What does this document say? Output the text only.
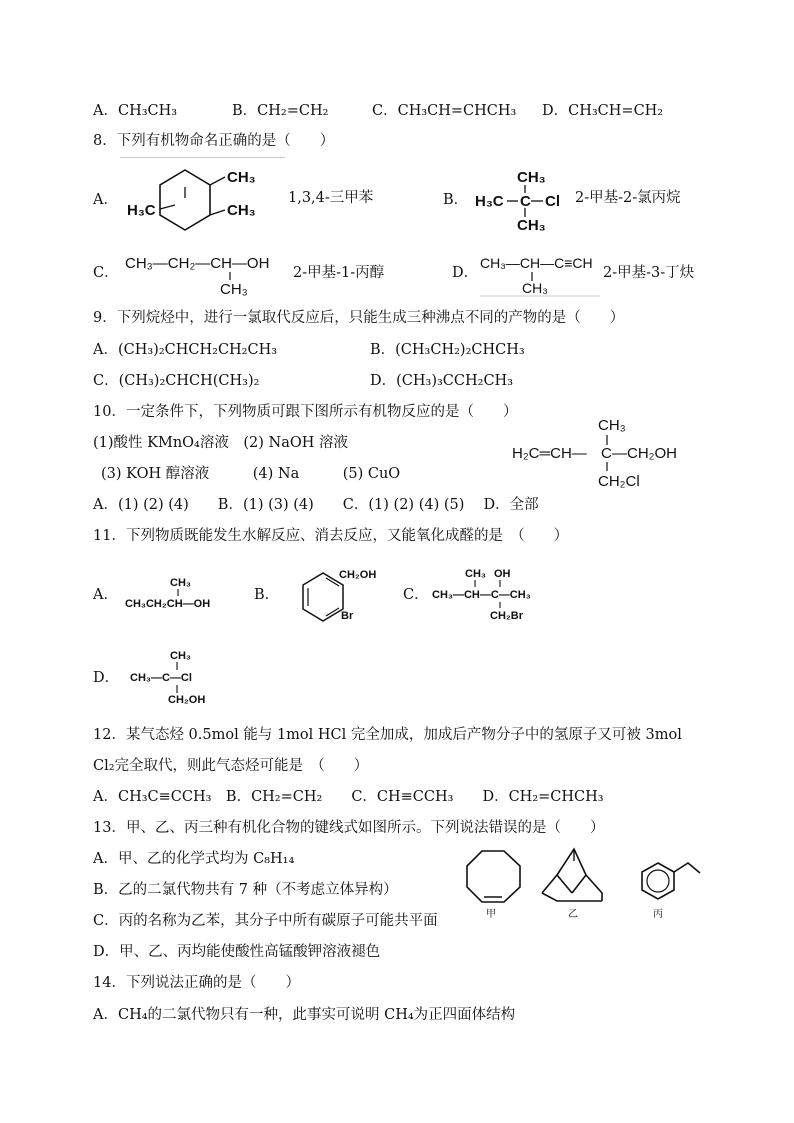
A．CH₃CH₃	B．CH₂=CH₂	C．CH₃CH=CHCH₃ D．CH₃CH=CH₂
8．下列有机物命名正确的是（　　）
A．
CH₃
H₃C	CH₃
1,3,4-三甲苯	B．
CH₃
H₃C C Cl
CH₃
2-甲基-2-氯丙烷
C．
CH₃—CH₂—CH—OH
CH₃
2-甲基-1-丙醇	D．
CH₃—CH—C≡CH
CH₃
2-甲基-3-丁炔
9．下列烷烃中，进行一氯取代反应后，只能生成三种沸点不同的产物的是（　　）
A．(CH₃)₂CHCH₂CH₂CH₃	B．(CH₃CH₂)₂CHCH₃
C．(CH₃)₂CHCH(CH₃)₂	D．(CH₃)₃CCH₂CH₃
10．一定条件下，下列物质可跟下图所示有机物反应的是（　　）
(1)酸性 KMnO₄溶液　(2) NaOH 溶液
(3) KOH 醇溶液　　　(4) Na　　　(5) CuO
A．(1) (2) (4)　　B．(1) (3) (4)　　C．(1) (2) (4) (5)　 D．全部
CH₃
H₂C═CH— C —CH₂OH
CH₂Cl
11．下列物质既能发生水解反应、消去反应，又能氧化成醛的是　（　　）
A．
CH₃
CH₃CH₂CH—OH
B．
CH₂OH
Br
C．
CH₃ OH
CH₃—CH—C—CH₃
CH₂Br
D．
CH₃
CH₃—C—Cl
CH₂OH
12．某气态烃 0.5mol 能与 1mol HCl 完全加成，加成后产物分子中的氢原子又可被 3mol
Cl₂完全取代，则此气态烃可能是　（　　）
A．CH₃C≡CCH₃　B．CH₂=CH₂　　C．CH≡CCH₃　　D．CH₂=CHCH₃
13．甲、乙、丙三种有机化合物的键线式如图所示。下列说法错误的是（　　）
A．甲、乙的化学式均为 C₈H₁₄
B．乙的二氯代物共有 7 种（不考虑立体异构）
C．丙的名称为乙苯，其分子中所有碳原子可能共平面
D．甲、乙、丙均能使酸性高锰酸钾溶液褪色
甲	乙	丙
14．下列说法正确的是（　　）
A．CH₄的二氯代物只有一种，此事实可说明 CH₄为正四面体结构
